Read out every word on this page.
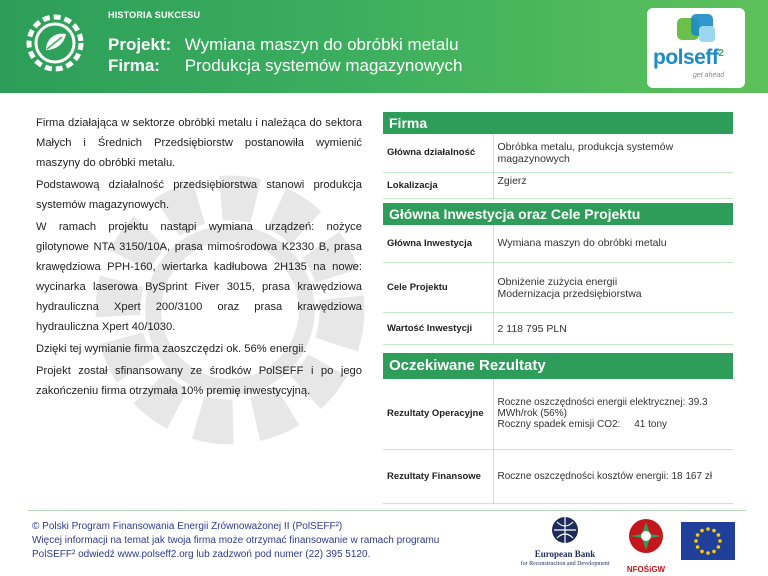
HISTORIA SUKCESU
Projekt: Wymiana maszyn do obróbki metalu
Firma: Produkcja systemów magazynowych	polseff$^2$
get ahead

Firma działająca w sektorze obróbki metalu i należąca do sektora Małych i Średnich Przedsiębiorstw postanowiła wymienić maszyny do obróbki metalu.

Podstawową działalność przedsiębiorstwa stanowi produkcja systemów magazynowych.

W ramach projektu nastąpi wymiana urządzeń: nożyce gilotynowe NTA 3150/10A, prasa mimośrodowa K2330 B, prasa krawędziowa PPH-160, wiertarka kadłubowa 2H135 na nowe: wycinarka laserowa BySprint Fiver 3015, prasa krawędziowa hydrauliczna Xpert 200/3100 oraz prasa krawędziowa hydrauliczna Xpert 40/1030.

Dzięki tej wymianie firma zaoszczędzi ok. 56% energii.

Projekt został sfinansowany ze środków PolSEFF i po jego zakończeniu firma otrzymała 10% premię inwestycyjną.

Firma
Główna działalność	Obróbka metalu, produkcja systemów magazynowych
Lokalizacja	Zgierz
Główna Inwestycja oraz Cele Projektu
Główna Inwestycja	Wymiana maszyn do obróbki metalu
Cele Projektu	Obniżenie zużycia energii
Modernizacja przedsiębiorstwa

Wartość Inwestycji	2 118 795 PLN
Oczekiwane Rezultaty
Rezultaty Operacyjne	Roczne oszczędności energii elektrycznej: 39.3 MWh/rok (56%)
Roczny spadek emisji CO2:     41 tony

Rezultaty Finansowe	Roczne oszczędności kosztów energii: 18 167 zł
© Polski Program Finansowania Energii Zrównoważonej II (PolSEFF²)
Więcej informacji na temat jak twoja firma może otrzymać finansowanie w ramach programu
PolSEFF² odwiedź www.polseff2.org lub zadzwoń pod numer (22) 395 5120.	European Bank
for Reconstruction and Development
NFOŚiGW
